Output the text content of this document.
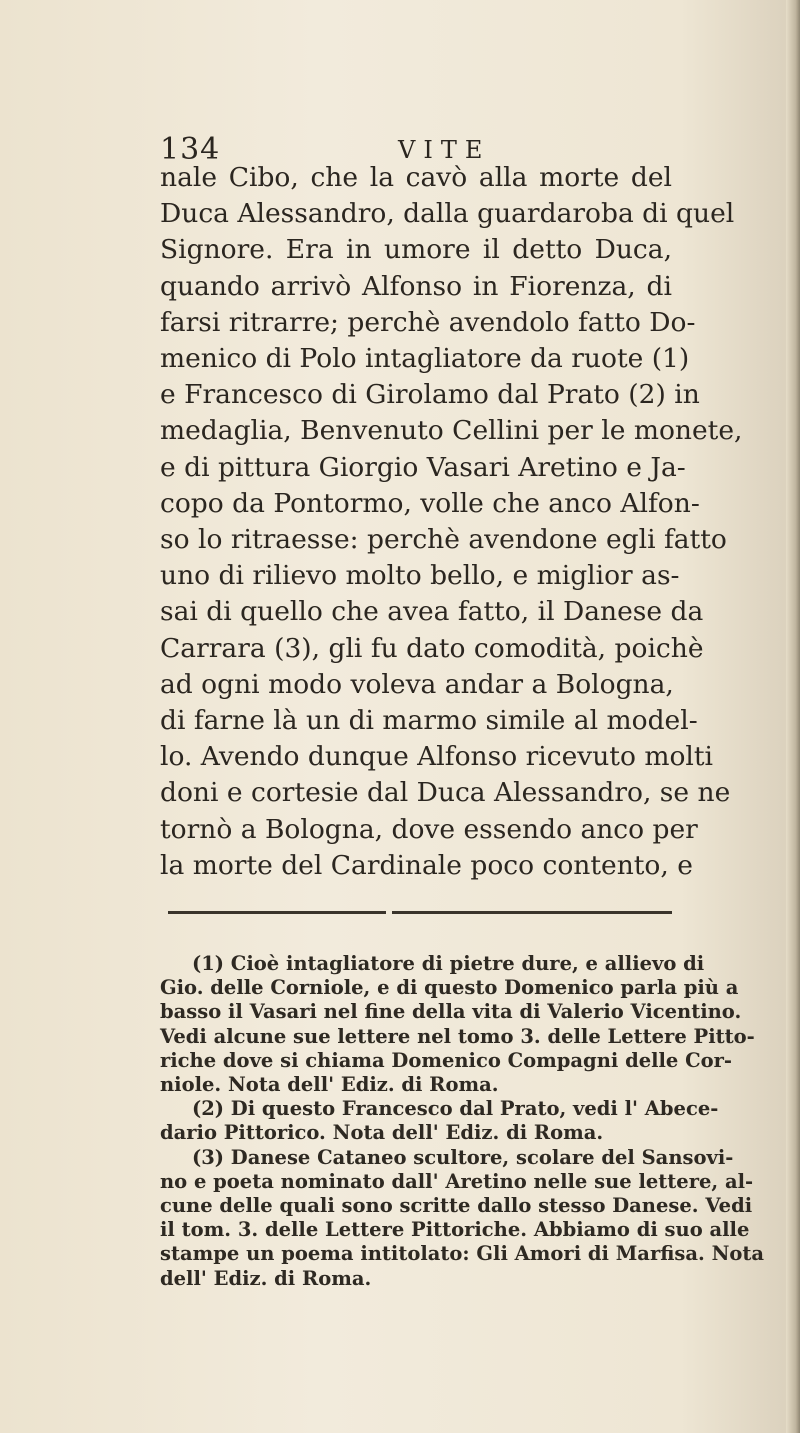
134	VITE
nale Cibo, che la cavò alla morte del
Duca Alessandro, dalla guardaroba di quel
Signore. Era in umore il detto Duca,
quando arrivò Alfonso in Fiorenza, di
farsi ritrarre; perchè avendolo fatto Do-
menico di Polo intagliatore da ruote (1)
e Francesco di Girolamo dal Prato (2) in
medaglia, Benvenuto Cellini per le monete,
e di pittura Giorgio Vasari Aretino e Ja-
copo da Pontormo, volle che anco Alfon-
so lo ritraesse: perchè avendone egli fatto
uno di rilievo molto bello, e miglior as-
sai di quello che avea fatto, il Danese da
Carrara (3), gli fu dato comodità, poichè
ad ogni modo voleva andar a Bologna,
di farne là un di marmo simile al model-
lo. Avendo dunque Alfonso ricevuto molti
doni e cortesie dal Duca Alessandro, se ne
tornò a Bologna, dove essendo anco per
la morte del Cardinale poco contento, e
(1) Cioè intagliatore di pietre dure, e allievo di
Gio. delle Corniole, e di questo Domenico parla più a
basso il Vasari nel fine della vita di Valerio Vicentino.
Vedi alcune sue lettere nel tomo 3. delle Lettere Pitto-
riche dove si chiama Domenico Compagni delle Cor-
niole. Nota dell' Ediz. di Roma.
(2) Di questo Francesco dal Prato, vedi l' Abece-
dario Pittorico. Nota dell' Ediz. di Roma.
(3) Danese Cataneo scultore, scolare del Sansovi-
no e poeta nominato dall' Aretino nelle sue lettere, al-
cune delle quali sono scritte dallo stesso Danese. Vedi
il tom. 3. delle Lettere Pittoriche. Abbiamo di suo alle
stampe un poema intitolato: Gli Amori di Marfisa. Nota
dell' Ediz. di Roma.
